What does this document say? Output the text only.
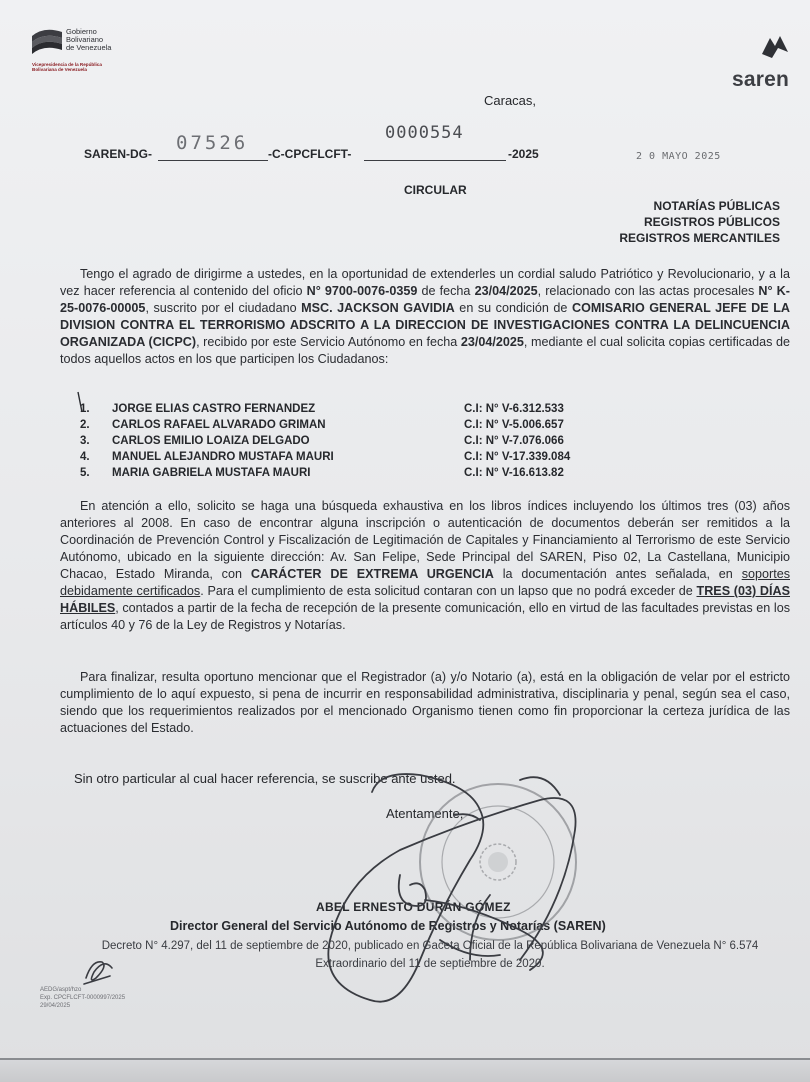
Gobierno
Bolivariano
de Venezuela
Vicepresidencia de la República
Bolivariana de Venezuela	saren
Caracas,
SAREN-DG-	-C-CPCFLCFT-	-2025
07526	0000554
2 0 MAYO 2025
CIRCULAR
NOTARÍAS PÚBLICAS
REGISTROS PÚBLICOS
REGISTROS MERCANTILES
Tengo el agrado de dirigirme a ustedes, en la oportunidad de extenderles un cordial saludo Patriótico y Revolucionario, y a la vez hacer referencia al contenido del oficio N° 9700-0076-0359 de fecha 23/04/2025, relacionado con las actas procesales N° K-25-0076-00005, suscrito por el ciudadano MSC. JACKSON GAVIDIA en su condición de COMISARIO GENERAL JEFE DE LA DIVISION CONTRA EL TERRORISMO ADSCRITO A LA DIRECCION DE INVESTIGACIONES CONTRA LA DELINCUENCIA ORGANIZADA (CICPC), recibido por este Servicio Autónomo en fecha 23/04/2025, mediante el cual solicita copias certificadas de todos aquellos actos en los que participen los Ciudadanos:
1. JORGE ELIAS CASTRO FERNANDEZ	C.I: N° V-6.312.533
2. CARLOS RAFAEL ALVARADO GRIMAN	C.I: N° V-5.006.657
3. CARLOS EMILIO LOAIZA DELGADO	C.I: N° V-7.076.066
4. MANUEL ALEJANDRO MUSTAFA MAURI	C.I: N° V-17.339.084
5. MARIA GABRIELA MUSTAFA MAURI	C.I: N° V-16.613.82
En atención a ello, solicito se haga una búsqueda exhaustiva en los libros índices incluyendo los últimos tres (03) años anteriores al 2008. En caso de encontrar alguna inscripción o autenticación de documentos deberán ser remitidos a la Coordinación de Prevención Control y Fiscalización de Legitimación de Capitales y Financiamiento al Terrorismo de este Servicio Autónomo, ubicado en la siguiente dirección: Av. San Felipe, Sede Principal del SAREN, Piso 02, La Castellana, Municipio Chacao, Estado Miranda, con CARÁCTER DE EXTREMA URGENCIA la documentación antes señalada, en soportes debidamente certificados. Para el cumplimiento de esta solicitud contaran con un lapso que no podrá exceder de TRES (03) DÍAS HÁBILES, contados a partir de la fecha de recepción de la presente comunicación, ello en virtud de las facultades previstas en los artículos 40 y 76 de la Ley de Registros y Notarías.
Para finalizar, resulta oportuno mencionar que el Registrador (a) y/o Notario (a), está en la obligación de velar por el estricto cumplimiento de lo aquí expuesto, si pena de incurrir en responsabilidad administrativa, disciplinaria y penal, según sea el caso, siendo que los requerimientos realizados por el mencionado Organismo tienen como fin proporcionar la certeza jurídica de las actuaciones del Estado.
Sin otro particular al cual hacer referencia, se suscribe ante usted.
Atentamente,
ABEL ERNESTO DURÁN GÓMEZ
Director General del Servicio Autónomo de Registros y Notarías (SAREN)
Decreto N° 4.297, del 11 de septiembre de 2020, publicado en Gaceta Oficial de la República Bolivariana de Venezuela N° 6.574 Extraordinario del 11 de septiembre de 2020.
AEDG/aspt/hzo
Exp. CPCFLCFT-0000997/2025
29/04/2025
